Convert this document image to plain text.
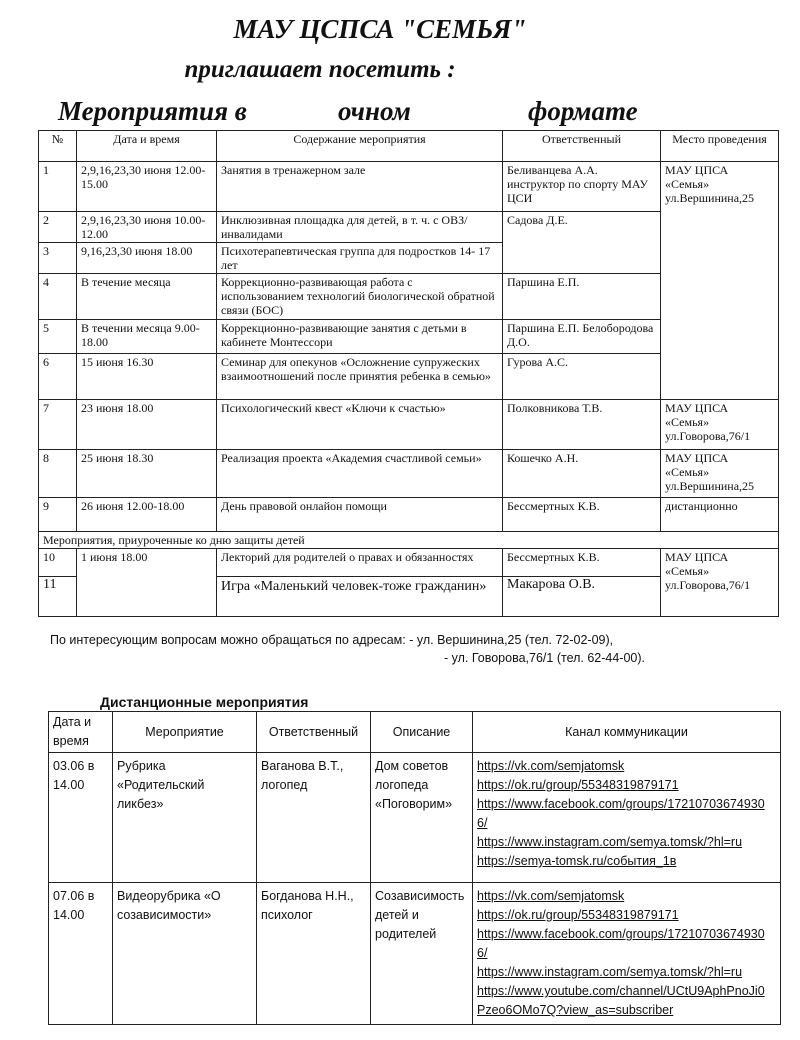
МАУ ЦСПСА "СЕМЬЯ"
приглашает посетить :
Мероприятия в	очном	формате
№	Дата и время	Содержание мероприятия	Ответственный	Место проведения
1	2,9,16,23,30 июня 12.00-15.00	Занятия в тренажерном зале	Беливанцева А.А. инструктор по спорту МАУ ЦСИ	МАУ ЦПСА «Семья» ул.Вершинина,25
2	2,9,16,23,30 июня 10.00-12.00	Инклюзивная площадка для детей, в т. ч. с ОВЗ/инвалидами	Садова Д.Е.	
3	9,16,23,30 июня 18.00	Психотерапевтическая группа для подростков 14- 17 лет		
4	В течение месяца	Коррекционно-развивающая работа с использованием технологий биологической обратной связи (БОС)	Паршина Е.П.	
5	В течении месяца 9.00-18.00	Коррекционно-развивающие занятия с детьми в кабинете Монтессори	Паршина Е.П. Белобородова Д.О.	
6	15 июня 16.30	Семинар для опекунов «Осложнение супружеских взаимоотношений после принятия ребенка в семью»	Гурова А.С.	
7	23 июня 18.00	Психологический квест «Ключи к счастью»	Полковникова Т.В.	МАУ ЦПСА «Семья» ул.Говорова,76/1
8	25 июня 18.30	Реализация проекта «Академия счастливой семьи»	Кошечко А.Н.	МАУ ЦПСА «Семья» ул.Вершинина,25
9	26 июня 12.00-18.00	День правовой онлайон помощи	Бессмертных К.В.	дистанционно
Мероприятия, приуроченные ко дню защиты детей				
10	1 июня 18.00	Лекторий для родителей о правах и обязанностях	Бессмертных К.В.	МАУ ЦПСА «Семья» ул.Говорова,76/1
11		Игра «Маленький человек-тоже гражданин»	Макарова О.В.	
По интересующим вопросам можно обращаться по адресам: - ул. Вершинина,25 (тел. 72-02-09),
- ул. Говорова,76/1 (тел. 62-44-00).
Дистанционные мероприятия
Дата и время	Мероприятие	Ответственный	Описание	Канал коммуникации
03.06 в 14.00	Рубрика «Родительский ликбез»	Ваганова В.Т., логопед	Дом советов логопеда «Поговорим»	https://vk.com/semjatomsk
https://ok.ru/group/55348319879171
https://www.facebook.com/groups/17210703674930 6/
https://www.instagram.com/semya.tomsk/?hl=ru
https://semya-tomsk.ru/события_1в

07.06 в 14.00	Видеорубрика «О созависимости»	Богданова Н.Н., психолог	Созависимость детей и родителей	https://vk.com/semjatomsk
https://ok.ru/group/55348319879171
https://www.facebook.com/groups/17210703674930 6/
https://www.instagram.com/semya.tomsk/?hl=ru
https://www.youtube.com/channel/UCtU9AphPnoJi0 Pzeo6OMo7Q?view_as=subscriber
